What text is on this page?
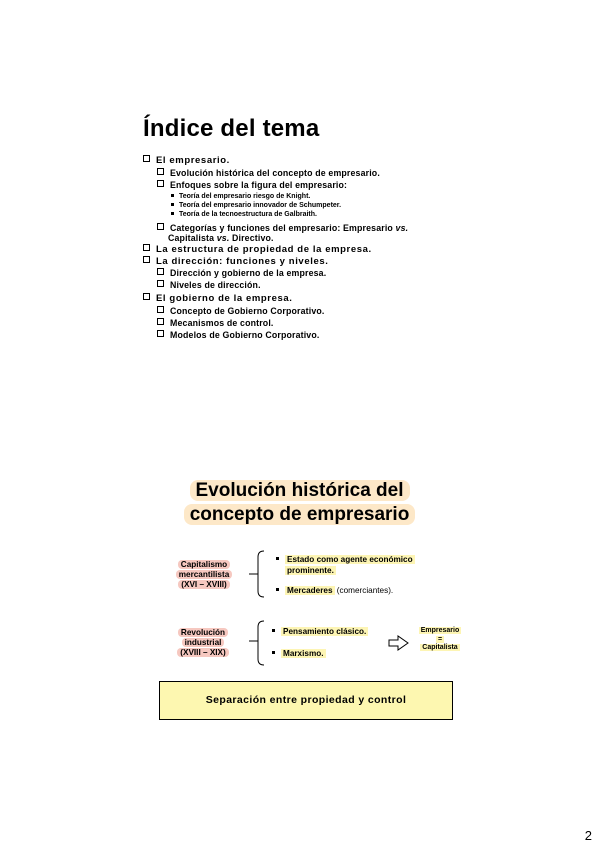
Índice del tema
El empresario.
Evolución histórica del concepto de empresario.
Enfoques sobre la figura del empresario:
Teoría del empresario riesgo de Knight.
Teoría del empresario innovador de Schumpeter.
Teoría de la tecnoestructura de Galbraith.
Categorías y funciones del empresario: Empresario vs.
Capitalista vs. Directivo.
La estructura de propiedad de la empresa.
La dirección: funciones y niveles.
Dirección y gobierno de la empresa.
Niveles de dirección.
El gobierno de la empresa.
Concepto de Gobierno Corporativo.
Mecanismos de control.
Modelos de Gobierno Corporativo.
Evolución histórica del
concepto de empresario
Capitalismo
mercantilista
(XVI – XVIII)
Revolución
industrial
(XVIII – XIX)
Estado como agente económico
prominente.
Mercaderes (comerciantes).
Pensamiento clásico.
Marxismo.
Empresario
=
Capitalista
Separación entre propiedad y control
2
